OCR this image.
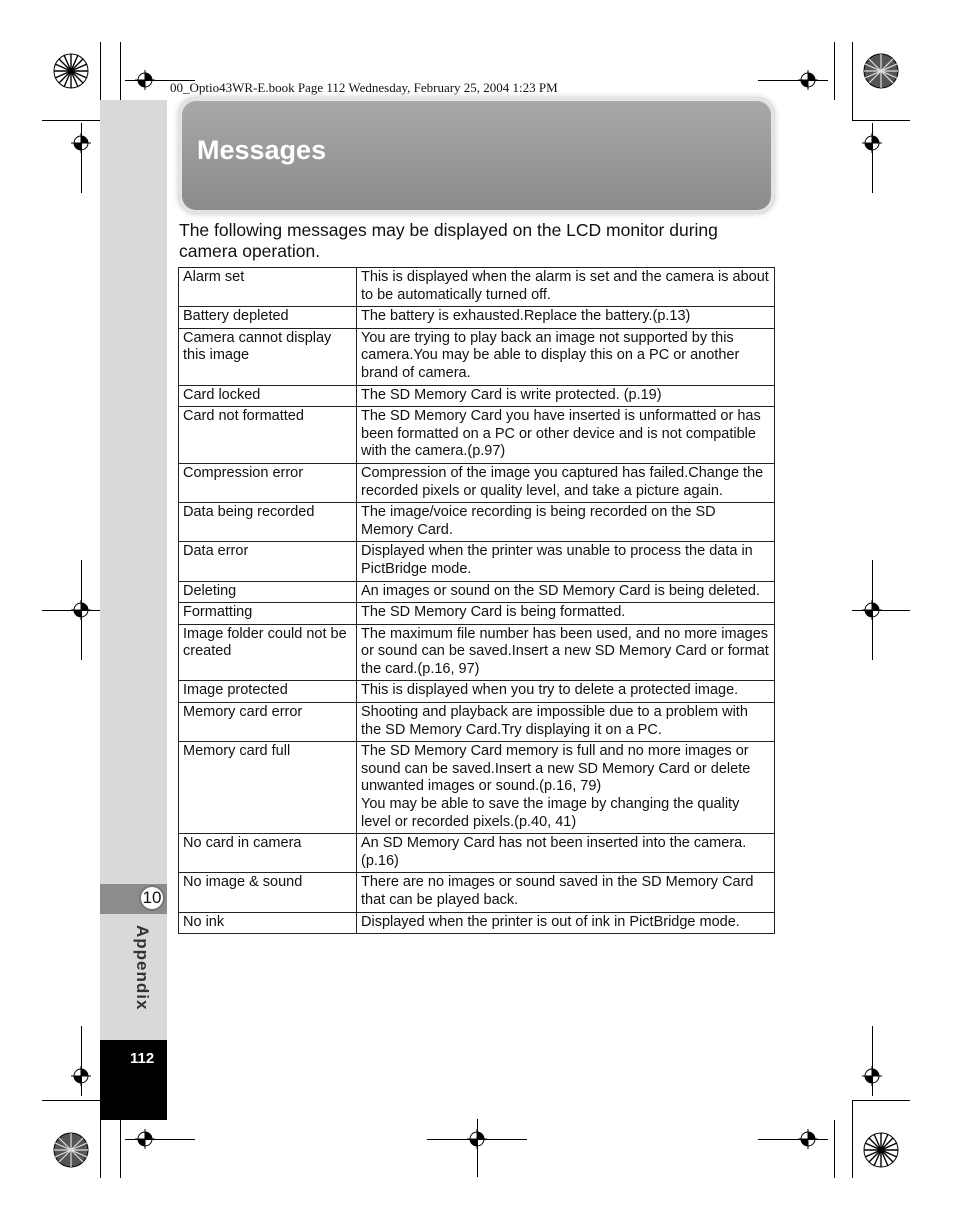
00_Optio43WR-E.book Page 112 Wednesday, February 25, 2004 1:23 PM
10
Appendix
112
Messages
The following messages may be displayed on the LCD monitor during camera operation.
Alarm set	This is displayed when the alarm is set and the camera is about to be automatically turned off.

Battery depleted	The battery is exhausted.Replace the battery.(p.13)

Camera cannot display this image	You are trying to play back an image not supported by this camera.You may be able to display this on a PC or another brand of camera.

Card locked	The SD Memory Card is write protected. (p.19)

Card not formatted	The SD Memory Card you have inserted is unformatted or has been formatted on a PC or other device and is not compatible with the camera.(p.97)

Compression error	Compression of the image you captured has failed.Change the recorded pixels or quality level, and take a picture again.

Data being recorded	The image/voice recording is being recorded on the SD Memory Card.

Data error	Displayed when the printer was unable to process the data in PictBridge mode.

Deleting	An images or sound on the SD Memory Card is being deleted.

Formatting	The SD Memory Card is being formatted.

Image folder could not be created	The maximum file number has been used, and no more images or sound can be saved.Insert a new SD Memory Card or format the card.(p.16, 97)

Image protected	This is displayed when you try to delete a protected image.

Memory card error	Shooting and playback are impossible due to a problem with the SD Memory Card.Try displaying it on a PC.

Memory card full	The SD Memory Card memory is full and no more images or sound can be saved.Insert a new SD Memory Card or delete unwanted images or sound.(p.16, 79)
You may be able to save the image by changing the quality level or recorded pixels.(p.40, 41)

No card in camera	An SD Memory Card has not been inserted into the camera.(p.16)

No image & sound	There are no images or sound saved in the SD Memory Card that can be played back.

No ink	Displayed when the printer is out of ink in PictBridge mode.
